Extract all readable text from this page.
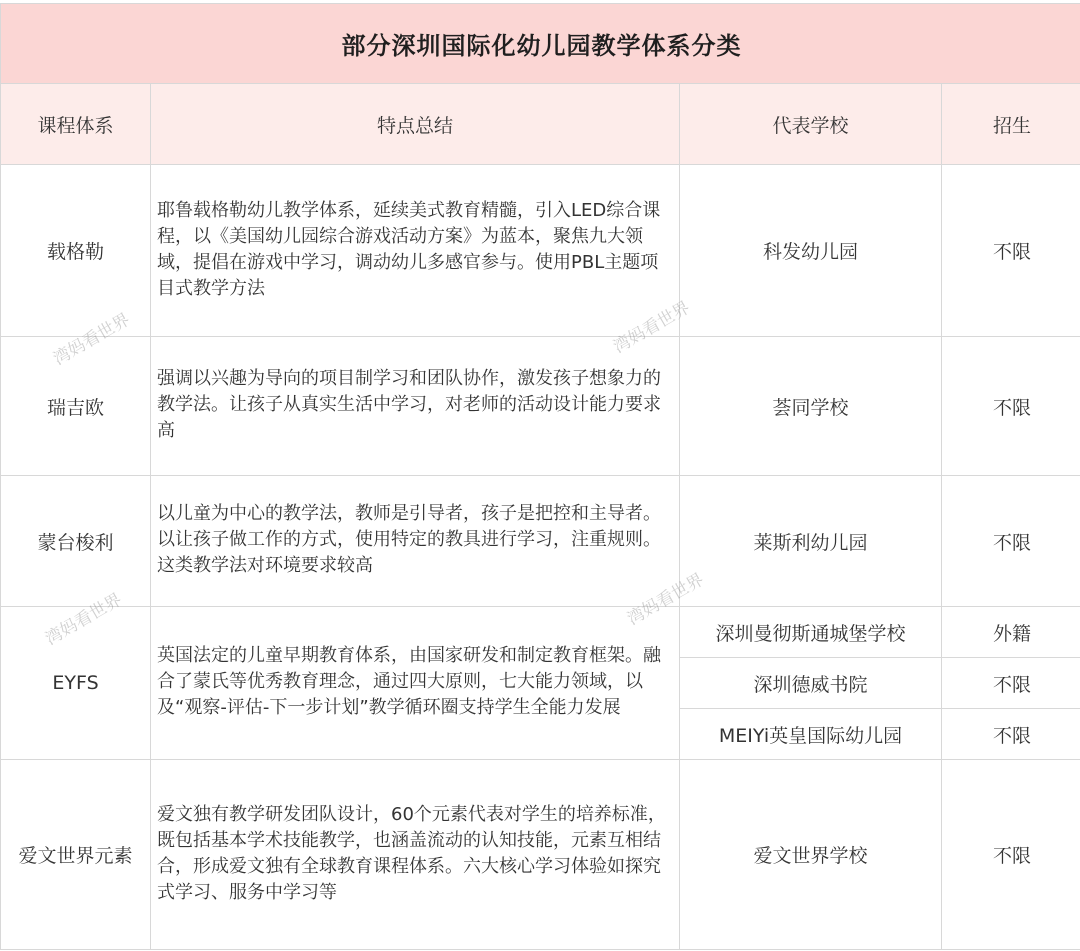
部分深圳国际化幼儿园教学体系分类			
课程体系	特点总结	代表学校	招生
载格勒	耶鲁载格勒幼儿教学体系，延续美式教育精髓，引入LED综合课程，以《美国幼儿园综合游戏活动方案》为蓝本，聚焦九大领域，提倡在游戏中学习，调动幼儿多感官参与。使用PBL主题项目式教学方法	科发幼儿园	不限
瑞吉欧	强调以兴趣为导向的项目制学习和团队协作，激发孩子想象力的教学法。让孩子从真实生活中学习，对老师的活动设计能力要求高	荟同学校	不限
蒙台梭利	以儿童为中心的教学法，教师是引导者，孩子是把控和主导者。以让孩子做工作的方式，使用特定的教具进行学习，注重规则。这类教学法对环境要求较高	莱斯利幼儿园	不限
EYFS	英国法定的儿童早期教育体系，由国家研发和制定教育框架。融合了蒙氏等优秀教育理念，通过四大原则，七大能力领域，以及“观察-评估-下一步计划”教学循环圈支持学生全能力发展	深圳曼彻斯通城堡学校	外籍
		深圳德威书院	不限
		MEIYi英皇国际幼儿园	不限
爱文世界元素	爱文独有教学研发团队设计，60个元素代表对学生的培养标准，既包括基本学术技能教学，也涵盖流动的认知技能，元素互相结合，形成爱文独有全球教育课程体系。六大核心学习体验如探究式学习、服务中学习等	爱文世界学校	不限
湾妈看世界	湾妈看世界
湾妈看世界	湾妈看世界
